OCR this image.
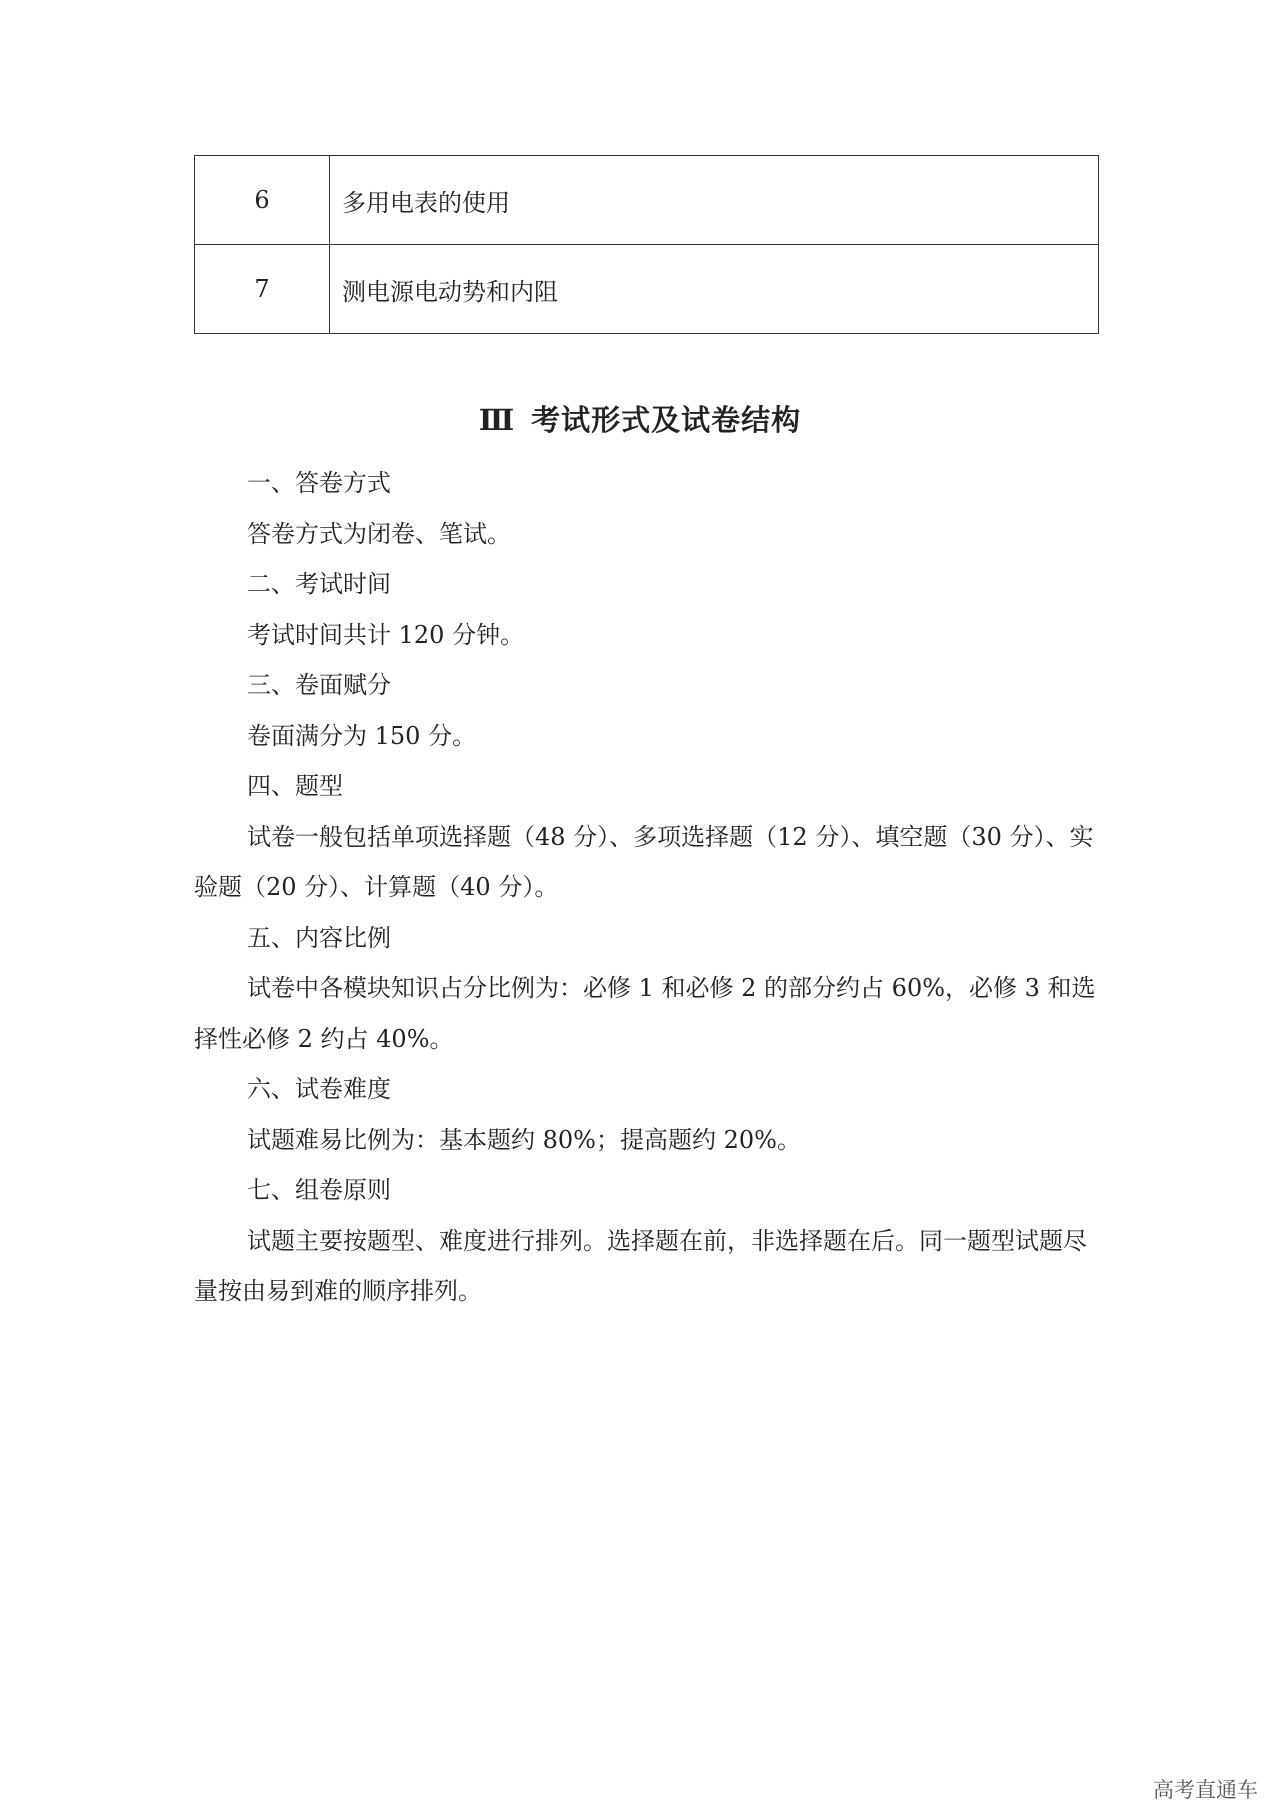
6	多用电表的使用
7	测电源电动势和内阻
Ⅲ 考试形式及试卷结构

一、答卷方式

答卷方式为闭卷、笔试。

二、考试时间

考试时间共计 120 分钟。

三、卷面赋分

卷面满分为 150 分。

四、题型

试卷一般包括单项选择题（48 分）、多项选择题（12 分）、填空题（30 分）、实验题（20 分）、计算题（40 分）。

五、内容比例

试卷中各模块知识占分比例为：必修 1 和必修 2 的部分约占 60%，必修 3 和选择性必修 2 约占 40%。

六、试卷难度

试题难易比例为：基本题约 80%；提高题约 20%。

七、组卷原则

试题主要按题型、难度进行排列。选择题在前，非选择题在后。同一题型试题尽量按由易到难的顺序排列。

高考直通车
